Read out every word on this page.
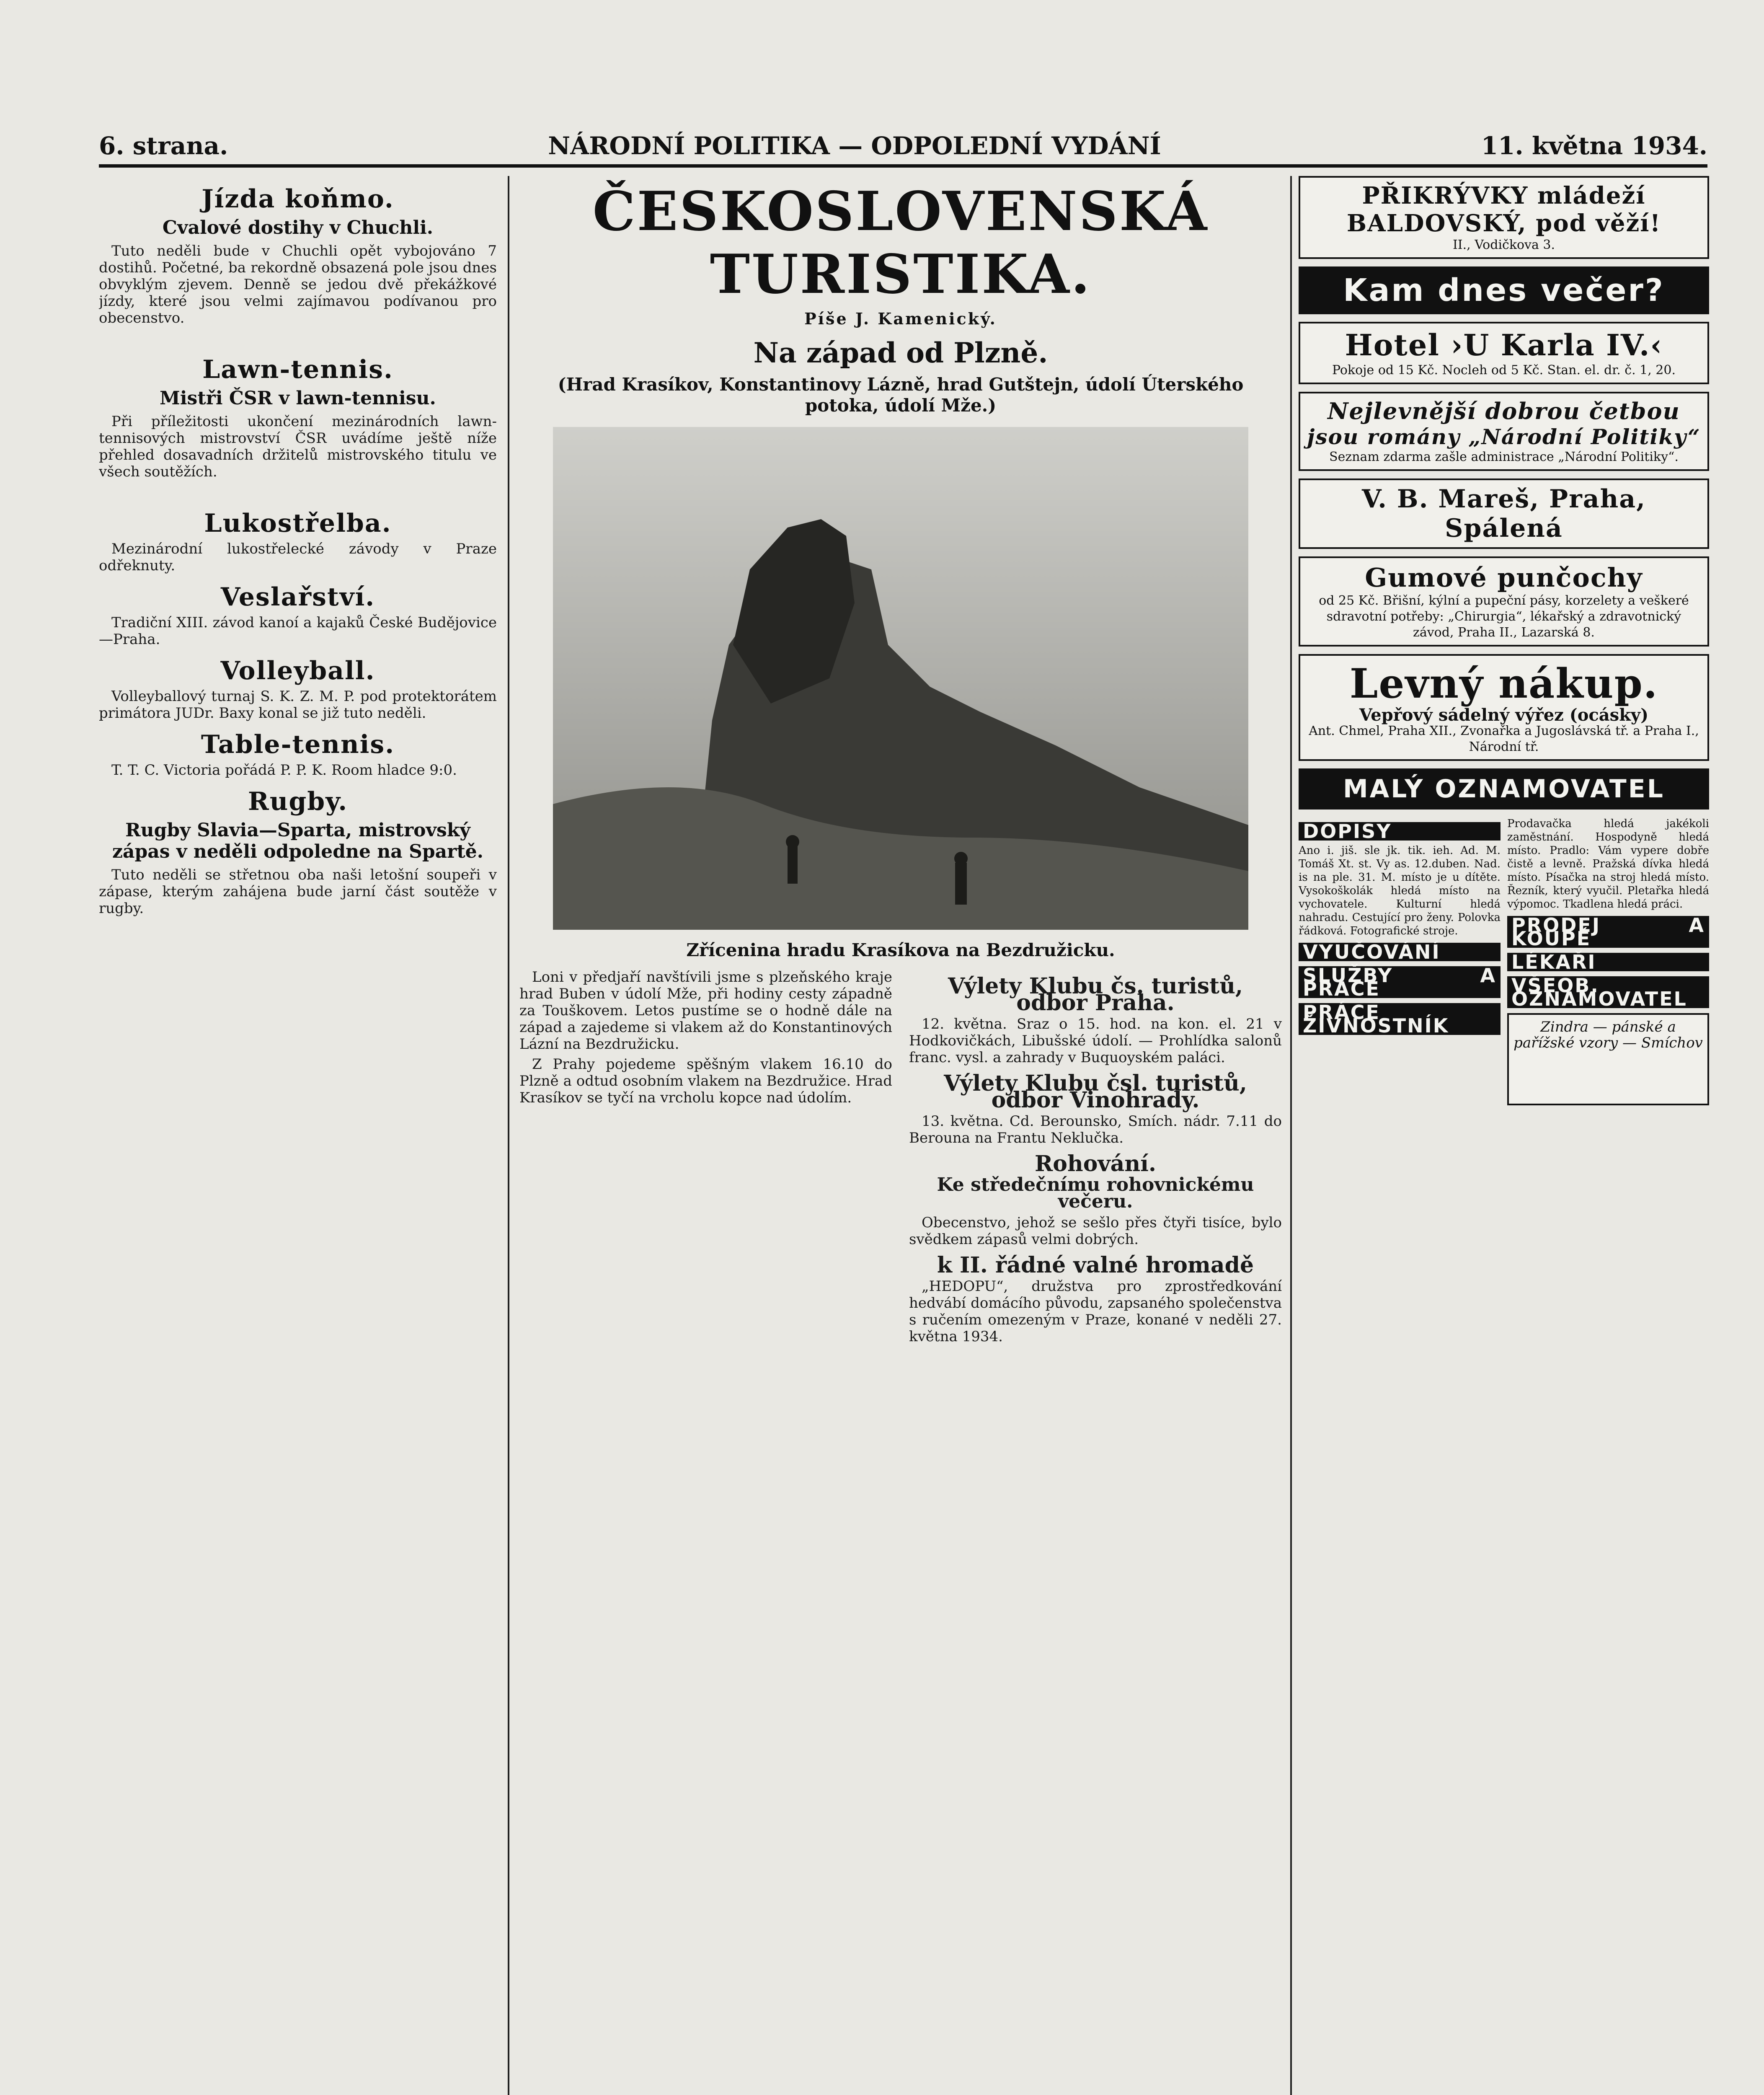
6. strana.	NÁRODNÍ POLITIKA — ODPOLEDNÍ VYDÁNÍ	11. května 1934.
Jízda koňmo.
Cvalové dostihy v Chuchli.

Tuto neděli bude v Chuchli opět vybojováno 7 dostihů. Početné, ba rekordně obsazená pole jsou dnes obvyklým zjevem. Denně se jedou dvě překážkové jízdy, které jsou velmi zajímavou podívanou pro obecenstvo.

Lawn-tennis.
Mistři ČSR v lawn-tennisu.

Při příležitosti ukončení mezinárodních lawn-tennisových mistrovství ČSR uvádíme ještě níže přehled dosavadních držitelů mistrovského titulu ve všech soutěžích.

Lukostřelba.

Mezinárodní lukostřelecké závody v Praze odřeknuty.

Veslařství.

Tradiční XIII. závod kanoí a kajaků České Budějovice—Praha.

Volleyball.

Volleyballový turnaj S. K. Z. M. P. pod protektorátem primátora JUDr. Baxy konal se již tuto neděli.

Table-tennis.

T. T. C. Victoria pořádá P. P. K. Room hladce 9:0.

Rugby.
Rugby Slavia—Sparta, mistrovský zápas v neděli odpoledne na Spartě.

Tuto neděli se střetnou oba naši letošní soupeři v zápase, kterým zahájena bude jarní část soutěže v rugby.

ČESKOSLOVENSKÁ TURISTIKA.
Píše J. Kamenický.
Na západ od Plzně.
(Hrad Krasíkov, Konstantinovy Lázně, hrad Gutštejn, údolí Úterského potoka, údolí Mže.)
Zřícenina hradu Krasíkova na Bezdružicku.

Loni v předjaří navštívili jsme s plzeňského kraje hrad Buben v údolí Mže, při hodiny cesty západně za Touškovem. Letos pustíme se o hodně dále na západ a zajedeme si vlakem až do Konstantinových Lázní na Bezdružicku.

Z Prahy pojedeme spěšným vlakem 16.10 do Plzně a odtud osobním vlakem na Bezdružice. Hrad Krasíkov se tyčí na vrcholu kopce nad údolím.

Výlety Klubu čs. turistů, odbor Praha.

12. května. Sraz o 15. hod. na kon. el. 21 v Hodkovičkách, Libušské údolí. — Prohlídka salonů franc. vysl. a zahrady v Buquoyském paláci.

Výlety Klubu čsl. turistů, odbor Vinohrady.

13. května. Cd. Berounsko, Smích. nádr. 7.11 do Berouna na Frantu Neklučka.

Rohování.
Ke středečnímu rohovnickému večeru.

Obecenstvo, jehož se sešlo přes čtyři tisíce, bylo svědkem zápasů velmi dobrých.

k II. řádné valné hromadě

„HEDOPU“, družstva pro zprostředkování hedvábí domácího původu, zapsaného společenstva s ručením omezeným v Praze, konané v neděli 27. května 1934.

PŘIKRÝVKY mládeží BALDOVSKÝ, pod věží!
II., Vodičkova 3.
Kam dnes večer?
Hotel ›U Karla IV.‹
Pokoje od 15 Kč. Nocleh od 5 Kč. Stan. el. dr. č. 1, 20.
Nejlevnější dobrou četbou
jsou romány „Národní Politiky“
Seznam zdarma zašle administrace „Národní Politiky“.
V. B. Mareš, Praha, Spálená
Gumové punčochy
od 25 Kč. Břišní, kýlní a pupeční pásy, korzelety a veškeré sdravotní potřeby: „Chirurgia“, lékařský a zdravotnický závod, Praha II., Lazarská 8.
Levný nákup.
Vepřový sádelný výřez (ocásky)
Ant. Chmel, Praha XII., Zvonařka a Jugoslávská tř. a Praha I., Národní tř.
MALÝ OZNAMOVATEL
DOPISY
Ano i. jiš. sle jk. tik. ieh. Ad. M. Tomáš Xt. st. Vy as. 12.duben. Nad. is na ple. 31. M. místo je u dítěte. Vysokoškolák hledá místo na vychovatele. Kulturní hledá nahradu. Cestující pro ženy. Polovka řádková. Fotografické stroje.
VYUČOVÁNÍ
SLUŽBY A PRÁCE
PRÁCE ŽIVNOSTNÍK
Prodavačka hledá jakékoli zaměstnání. Hospodyně hledá místo. Pradlo: Vám vypere dobře čistě a levně. Pražská dívka hledá místo. Písačka na stroj hledá místo. Řezník, který vyučil. Pletařka hledá výpomoc. Tkadlena hledá práci.
PRODEJ A KOUPĚ
LÉKAŘI
VŠEOB. OZNAMOVATEL
Zindra — pánské a pařížské vzory — Smíchov
